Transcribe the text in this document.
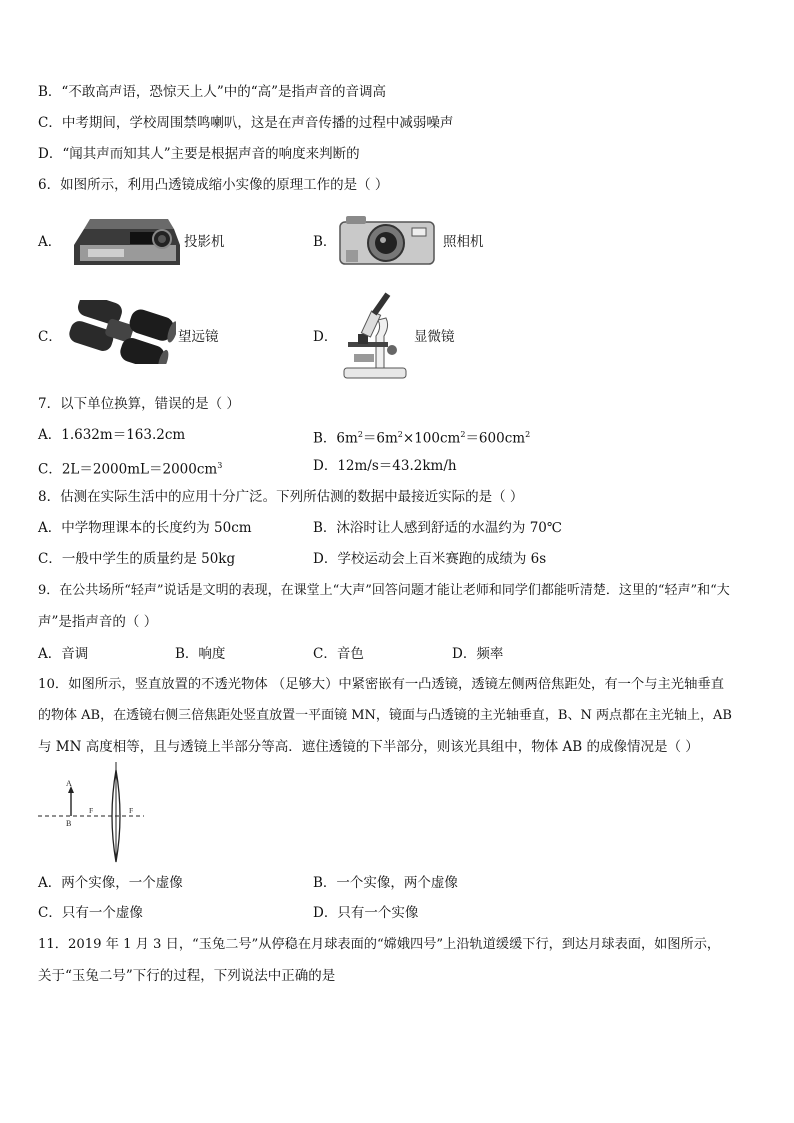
B．“不敢高声语，恐惊天上人”中的“高”是指声音的音调高
C．中考期间，学校周围禁鸣喇叭，这是在声音传播的过程中减弱噪声
D．“闻其声而知其人”主要是根据声音的响度来判断的
6．如图所示，利用凸透镜成缩小实像的原理工作的是（ ）
A．	投影机	B．	照相机
C．	望远镜	D．	显微镜
7．以下单位换算，错误的是（ ）
A．1.632m＝163.2cm	B．$6m^2=6m^2\times 100cm^2=600cm^2$
C．$2L=2000mL=2000cm^3$	D．12m/s＝43.2km/h
8．估测在实际生活中的应用十分广泛。下列所估测的数据中最接近实际的是（ ）
A．中学物理课本的长度约为 50cm	B．沐浴时让人感到舒适的水温约为 70℃
C．一般中学生的质量约是 50kg	D．学校运动会上百米赛跑的成绩为 6s
9．在公共场所“轻声”说话是文明的表现，在课堂上“大声”回答问题才能让老师和同学们都能听清楚．这里的“轻声”和“大
声”是指声音的（ ）
A．音调	B．响度	C．音色	D．频率
10．如图所示，竖直放置的不透光物体 （足够大）中紧密嵌有一凸透镜，透镜左侧两倍焦距处，有一个与主光轴垂直
的物体 AB，在透镜右侧三倍焦距处竖直放置一平面镜 MN，镜面与凸透镜的主光轴垂直，B、N 两点都在主光轴上，AB
与 MN 高度相等，且与透镜上半部分等高．遮住透镜的下半部分，则该光具组中，物体 AB 的成像情况是（ ）
A
B
F	F
A．两个实像，一个虚像	B．一个实像，两个虚像
C．只有一个虚像	D．只有一个实像
11．2019 年 1 月 3 日，“玉兔二号”从停稳在月球表面的“嫦娥四号”上沿轨道缓缓下行，到达月球表面，如图所示，
关于“玉兔二号”下行的过程，下列说法中正确的是
